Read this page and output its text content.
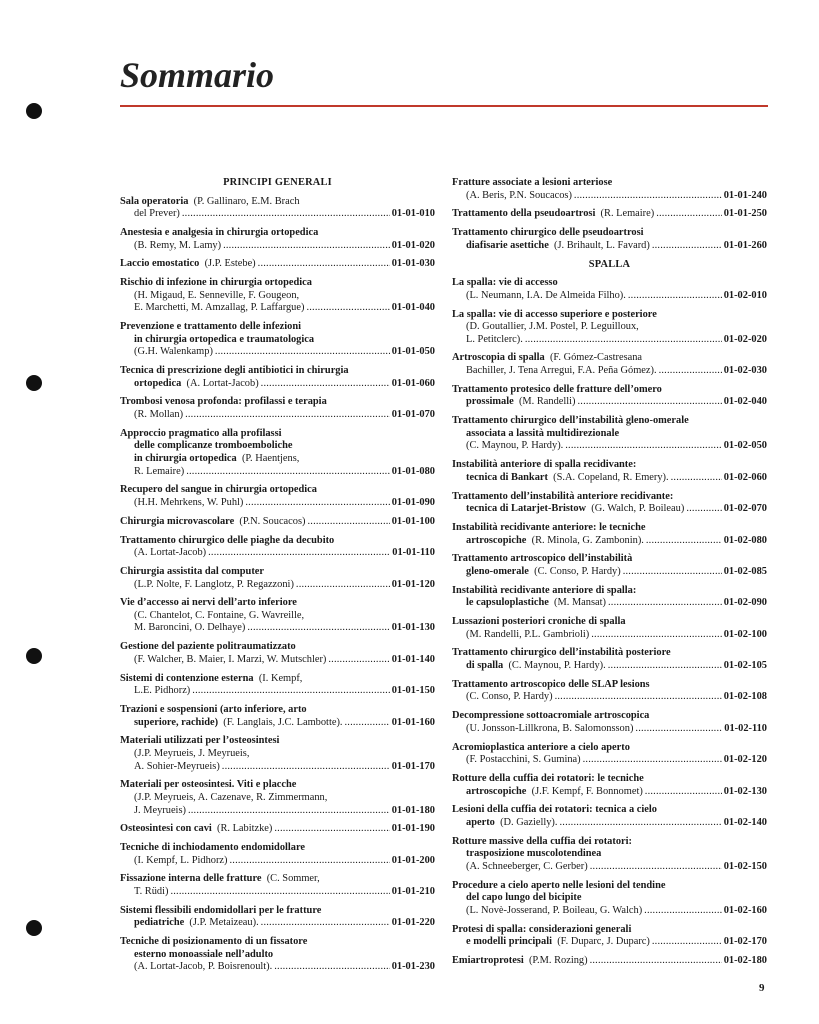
Sommario
PRINCIPI GENERALI
Sala operatoria (P. Gallinaro, E.M. Brach
del Prever) . . .	01-01-010
Anestesia e analgesia in chirurgia ortopedica
(B. Remy, M. Lamy) . . .	01-01-020
Laccio emostatico (J.P. Estebe) . . .	01-01-030
Rischio di infezione in chirurgia ortopedica
(H. Migaud, E. Senneville, F. Gougeon,
E. Marchetti, M. Amzallag, P. Laffargue) . . .	01-01-040
Prevenzione e trattamento delle infezioni
in chirurgia ortopedica e traumatologica
(G.H. Walenkamp) . . .	01-01-050
Tecnica di prescrizione degli antibiotici in chirurgia
ortopedica (A. Lortat-Jacob) . . .	01-01-060
Trombosi venosa profonda: profilassi e terapia
(R. Mollan) . . .	01-01-070
Approccio pragmatico alla profilassi
delle complicanze tromboemboliche
in chirurgia ortopedica (P. Haentjens,
R. Lemaire) . . .	01-01-080
Recupero del sangue in chirurgia ortopedica
(H.H. Mehrkens, W. Puhl) . . .	01-01-090
Chirurgia microvascolare (P.N. Soucacos) . . .	01-01-100
Trattamento chirurgico delle piaghe da decubito
(A. Lortat-Jacob) . . .	01-01-110
Chirurgia assistita dal computer
(L.P. Nolte, F. Langlotz, P. Regazzoni) . . .	01-01-120
Vie d’accesso ai nervi dell’arto inferiore
(C. Chantelot, C. Fontaine, G. Wavreille,
M. Baroncini, O. Delhaye) . . .	01-01-130
Gestione del paziente politraumatizzato
(F. Walcher, B. Maier, I. Marzi, W. Mutschler) . . .	01-01-140
Sistemi di contenzione esterna (I. Kempf,
L.E. Pidhorz) . . .	01-01-150
Trazioni e sospensioni (arto inferiore, arto
superiore, rachide) (F. Langlais, J.C. Lambotte). . . .	01-01-160
Materiali utilizzati per l’osteosintesi
(J.P. Meyrueis, J. Meyrueis,
A. Sohier-Meyrueis) . . .	01-01-170
Materiali per osteosintesi. Viti e placche
(J.P. Meyrueis, A. Cazenave, R. Zimmermann,
J. Meyrueis) . . .	01-01-180
Osteosintesi con cavi (R. Labitzke) . . .	01-01-190
Tecniche di inchiodamento endomidollare
(I. Kempf, L. Pidhorz) . . .	01-01-200
Fissazione interna delle fratture (C. Sommer,
T. Rüdi) . . .	01-01-210
Sistemi flessibili endomidollari per le fratture
pediatriche (J.P. Metaizeau). . . .	01-01-220
Tecniche di posizionamento di un fissatore
esterno monoassiale nell’adulto
(A. Lortat-Jacob, P. Boisrenoult). . . .	01-01-230
Fratture associate a lesioni arteriose
(A. Beris, P.N. Soucacos) . . .	01-01-240
Trattamento della pseudoartrosi (R. Lemaire) . . .	01-01-250
Trattamento chirurgico delle pseudoartrosi
diafisarie asettiche (J. Brihault, L. Favard) . . .	01-01-260
SPALLA
La spalla: vie di accesso
(L. Neumann, I.A. De Almeida Filho). . . .	01-02-010
La spalla: vie di accesso superiore e posteriore
(D. Goutallier, J.M. Postel, P. Leguilloux,
L. Petitclerc). . . .	01-02-020
Artroscopia di spalla (F. Gómez-Castresana
Bachiller, J. Tena Arregui, F.A. Peña Gómez). . . .	01-02-030
Trattamento protesico delle fratture dell’omero
prossimale (M. Randelli) . . .	01-02-040
Trattamento chirurgico dell’instabilità gleno-omerale
associata a lassità multidirezionale
(C. Maynou, P. Hardy). . . .	01-02-050
Instabilità anteriore di spalla recidivante:
tecnica di Bankart (S.A. Copeland, R. Emery). . . .	01-02-060
Trattamento dell’instabilità anteriore recidivante:
tecnica di Latarjet-Bristow (G. Walch, P. Boileau) . . .	01-02-070
Instabilità recidivante anteriore: le tecniche
artroscopiche (R. Minola, G. Zambonin). . . .	01-02-080
Trattamento artroscopico dell’instabilità
gleno-omerale (C. Conso, P. Hardy) . . .	01-02-085
Instabilità recidivante anteriore di spalla:
le capsuloplastiche (M. Mansat) . . .	01-02-090
Lussazioni posteriori croniche di spalla
(M. Randelli, P.L. Gambrioli) . . .	01-02-100
Trattamento chirurgico dell’instabilità posteriore
di spalla (C. Maynou, P. Hardy). . . .	01-02-105
Trattamento artroscopico delle SLAP lesions
(C. Conso, P. Hardy) . . .	01-02-108
Decompressione sottoacromiale artroscopica
(U. Jonsson-Lillkrona, B. Salomonsson) . . .	01-02-110
Acromioplastica anteriore a cielo aperto
(F. Postacchini, S. Gumina) . . .	01-02-120
Rotture della cuffia dei rotatori: le tecniche
artroscopiche (J.F. Kempf, F. Bonnomet) . . .	01-02-130
Lesioni della cuffia dei rotatori: tecnica a cielo
aperto (D. Gazielly). . . .	01-02-140
Rotture massive della cuffia dei rotatori:
trasposizione muscolotendinea
(A. Schneeberger, C. Gerber) . . .	01-02-150
Procedure a cielo aperto nelle lesioni del tendine
del capo lungo del bicipite
(L. Novè-Josserand, P. Boileau, G. Walch) . . .	01-02-160
Protesi di spalla: considerazioni generali
e modelli principali (F. Duparc, J. Duparc) . . .	01-02-170
Emiartroprotesi (P.M. Rozing) . . .	01-02-180
9
